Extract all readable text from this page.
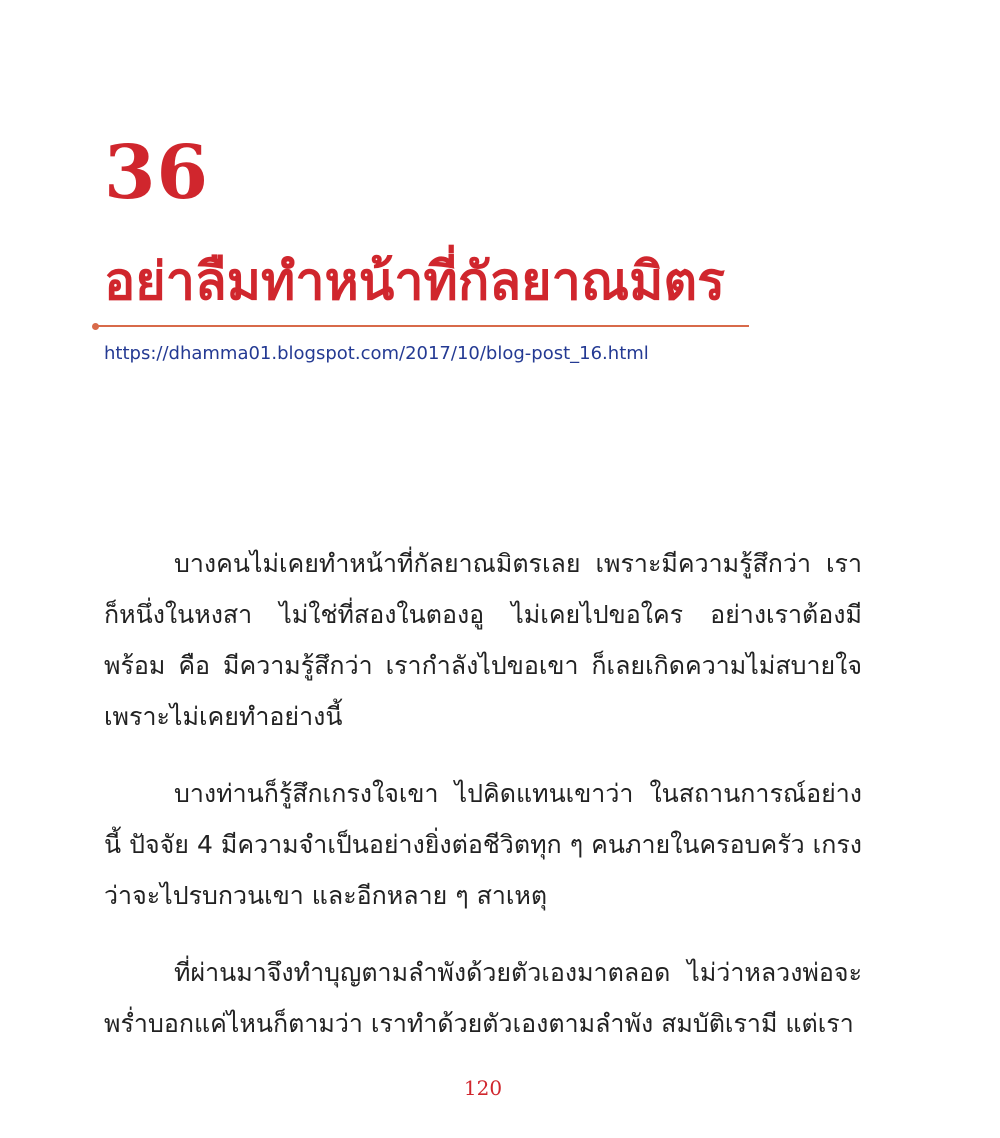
36
อย่าลืมทำหน้าที่กัลยาณมิตร
https://dhamma01.blogspot.com/2017/10/blog-post_16.html

บางคนไม่เคยทำหน้าที่กัลยาณมิตรเลย เพราะมีความรู้สึกว่า เราก็หนึ่งในหงสา ไม่ใช่ที่สองในตองอู ไม่เคยไปขอใคร อย่างเราต้องมีพร้อม คือ มีความรู้สึกว่า เรากำลังไปขอเขา ก็เลยเกิดความไม่สบายใจ เพราะไม่เคยทำอย่างนี้

บางท่านก็รู้สึกเกรงใจเขา ไปคิดแทนเขาว่า ในสถานการณ์อย่างนี้ ปัจจัย 4 มีความจำเป็นอย่างยิ่งต่อชีวิตทุก ๆ คนภายในครอบครัว เกรงว่าจะไปรบกวนเขา และอีกหลาย ๆ สาเหตุ

ที่ผ่านมาจึงทำบุญตามลำพังด้วยตัวเองมาตลอด ไม่ว่าหลวงพ่อจะพร่ำบอกแค่ไหนก็ตามว่า เราทำด้วยตัวเองตามลำพัง สมบัติเรามี แต่เรา

120
